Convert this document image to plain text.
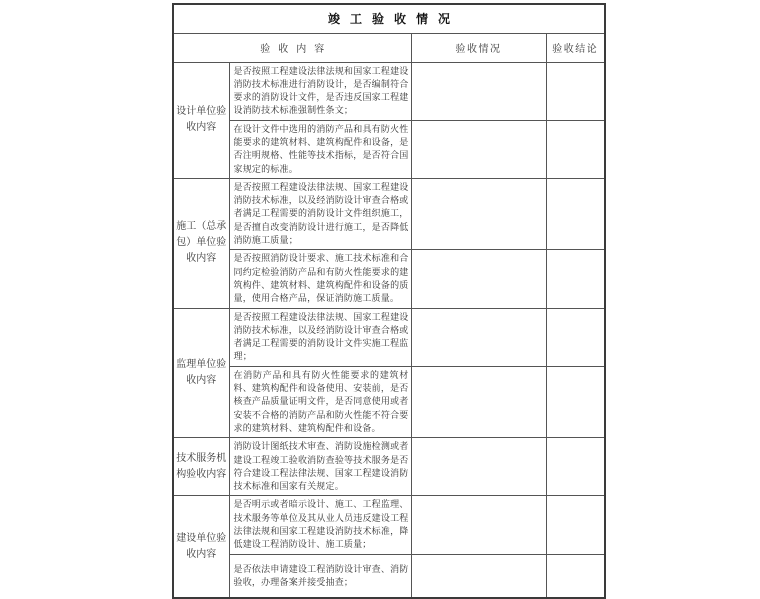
竣工验收情况			
验收内容		验收情况	验收结论
设计单位验收内容	是否按照工程建设法律法规和国家工程建设消防技术标准进行消防设计，是否编制符合要求的消防设计文件，是否违反国家工程建设消防技术标准强制性条文；		
	在设计文件中选用的消防产品和具有防火性能要求的建筑材料、建筑构配件和设备，是否注明规格、性能等技术指标，是否符合国家规定的标准。		
施工（总承包）单位验收内容	是否按照工程建设法律法规、国家工程建设消防技术标准，以及经消防设计审查合格或者满足工程需要的消防设计文件组织施工，是否擅自改变消防设计进行施工，是否降低消防施工质量；		
	是否按照消防设计要求、施工技术标准和合同约定检验消防产品和有防火性能要求的建筑构件、建筑材料、建筑构配件和设备的质量，使用合格产品，保证消防施工质量。		
监理单位验收内容	是否按照工程建设法律法规、国家工程建设消防技术标准，以及经消防设计审查合格或者满足工程需要的消防设计文件实施工程监理；		
	在消防产品和具有防火性能要求的建筑材料、建筑构配件和设备使用、安装前，是否核查产品质量证明文件，是否同意使用或者安装不合格的消防产品和防火性能不符合要求的建筑材料、建筑构配件和设备。		
技术服务机构验收内容	消防设计图纸技术审查、消防设施检测或者建设工程竣工验收消防查验等技术服务是否符合建设工程法律法规、国家工程建设消防技术标准和国家有关规定。		
建设单位验收内容	是否明示或者暗示设计、施工、工程监理、技术服务等单位及其从业人员违反建设工程法律法规和国家工程建设消防技术标准，降低建设工程消防设计、施工质量；		
	是否依法申请建设工程消防设计审查、消防验收，办理备案并接受抽查；		
